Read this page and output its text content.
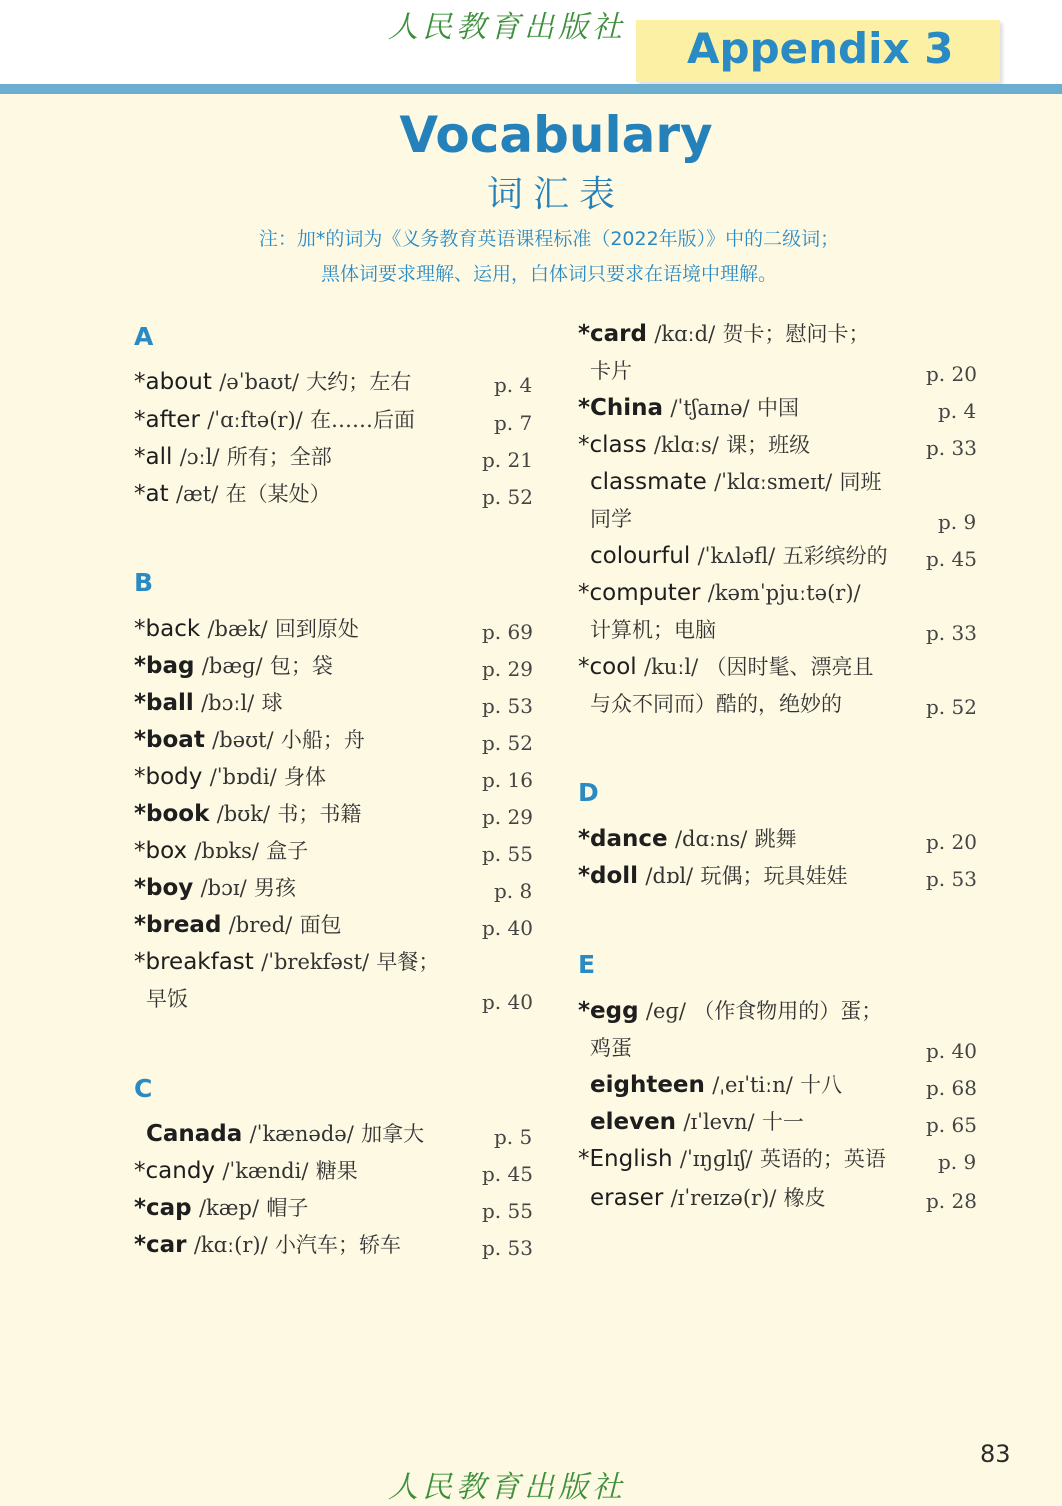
人民教育出版社 Appendix 3
Vocabulary
词汇表
注：加*的词为《义务教育英语课程标准（2022年版）》中的二级词；
黑体词要求理解、运用，白体词只要求在语境中理解。
A
*about /əˈbaʊt/ 大约；左右	p. 4
*after /ˈɑːftə(r)/ 在……后面	p. 7
*all /ɔːl/ 所有；全部	p. 21
*at /æt/ 在（某处）	p. 52
B
*back /bæk/ 回到原处	p. 69
*bag /bæɡ/ 包；袋	p. 29
*ball /bɔːl/ 球	p. 53
*boat /bəʊt/ 小船；舟	p. 52
*body /ˈbɒdi/ 身体	p. 16
*book /bʊk/ 书；书籍	p. 29
*box /bɒks/ 盒子	p. 55
*boy /bɔɪ/ 男孩	p. 8
*bread /bred/ 面包	p. 40
*breakfast /ˈbrekfəst/ 早餐；
早饭	p. 40
C
Canada /ˈkænədə/ 加拿大	p. 5
*candy /ˈkændi/ 糖果	p. 45
*cap /kæp/ 帽子	p. 55
*car /kɑː(r)/ 小汽车；轿车	p. 53
*card /kɑːd/ 贺卡；慰问卡；
卡片	p. 20
*China /ˈtʃaɪnə/ 中国	p. 4
*class /klɑːs/ 课；班级	p. 33
classmate /ˈklɑːsmeɪt/ 同班
同学	p. 9
colourful /ˈkʌləfl/ 五彩缤纷的 p. 45
*computer /kəmˈpjuːtə(r)/
计算机；电脑	p. 33
*cool /kuːl/ （因时髦、漂亮且
与众不同而）酷的，绝妙的	p. 52
D
*dance /dɑːns/ 跳舞	p. 20
*doll /dɒl/ 玩偶；玩具娃娃	p. 53
E
*egg /eɡ/ （作食物用的）蛋；
鸡蛋	p. 40
eighteen /ˌeɪˈtiːn/ 十八	p. 68
eleven /ɪˈlevn/ 十一	p. 65
*English /ˈɪŋɡlɪʃ/ 英语的；英语	p. 9
eraser /ɪˈreɪzə(r)/ 橡皮	p. 28
83
人民教育出版社
